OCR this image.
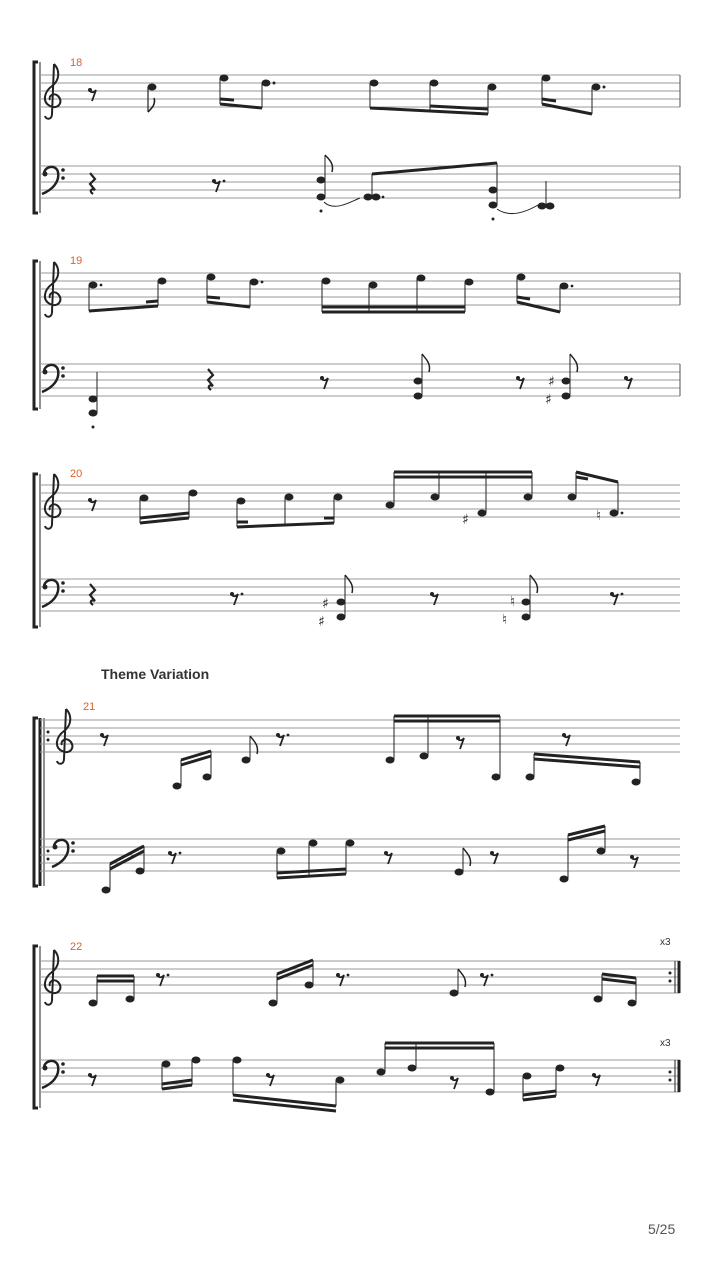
18
19
♯
♯
20
♯	♮
♯
♯
♮
♮
Theme Variation
21
22	x3
x3
5/25
